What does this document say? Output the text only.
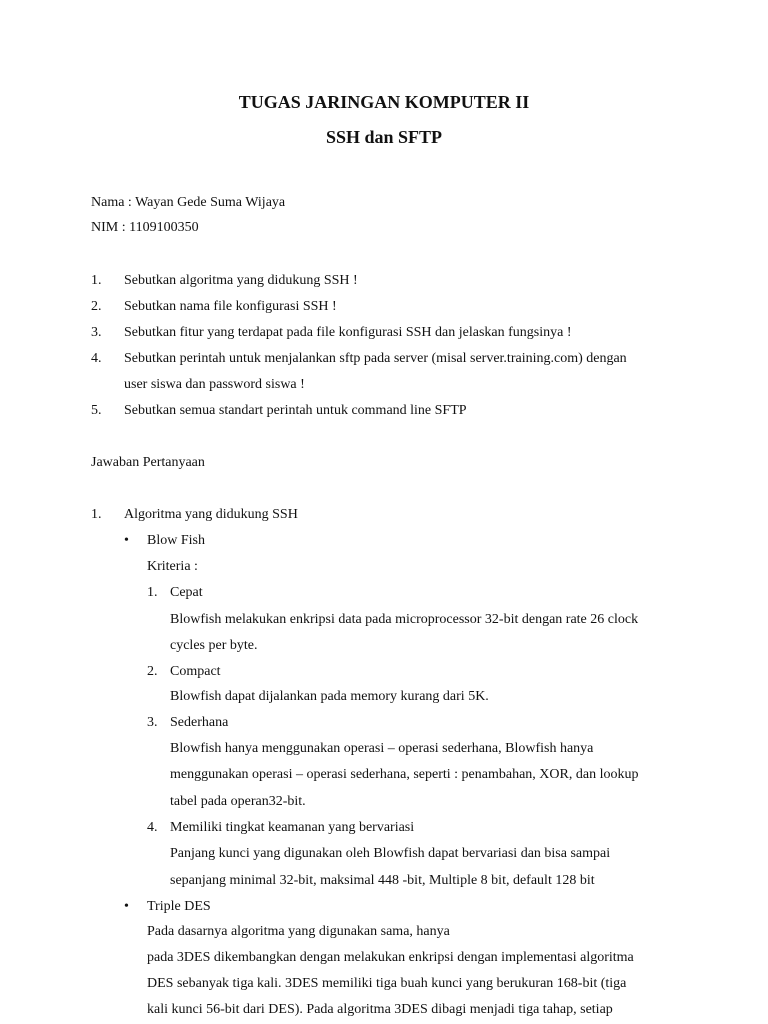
TUGAS JARINGAN KOMPUTER II
SSH dan SFTP
Nama : Wayan Gede Suma Wijaya
NIM : 1109100350
1. Sebutkan algoritma yang didukung SSH !
2. Sebutkan nama file konfigurasi SSH !
3. Sebutkan fitur yang terdapat pada file konfigurasi SSH dan jelaskan fungsinya !
4. Sebutkan perintah untuk menjalankan sftp pada server (misal server.training.com) dengan
user siswa dan password siswa !
5. Sebutkan semua standart perintah untuk command line SFTP
Jawaban Pertanyaan
1. Algoritma yang didukung SSH
• Blow Fish
Kriteria :
1. Cepat
Blowfish melakukan enkripsi data pada microprocessor 32-bit dengan rate 26 clock
cycles per byte.
2. Compact
Blowfish dapat dijalankan pada memory kurang dari 5K.
3. Sederhana
Blowfish hanya menggunakan operasi – operasi sederhana, Blowfish hanya
menggunakan operasi – operasi sederhana, seperti : penambahan, XOR, dan lookup
tabel pada operan32-bit.
4. Memiliki tingkat keamanan yang bervariasi
Panjang kunci yang digunakan oleh Blowfish dapat bervariasi dan bisa sampai
sepanjang minimal 32-bit, maksimal 448 -bit, Multiple 8 bit, default 128 bit
• Triple DES
Pada dasarnya algoritma yang digunakan sama, hanya
pada 3DES dikembangkan dengan melakukan enkripsi dengan implementasi algoritma
DES sebanyak tiga kali. 3DES memiliki tiga buah kunci yang berukuran 168-bit (tiga
kali kunci 56-bit dari DES). Pada algoritma 3DES dibagi menjadi tiga tahap, setiap
